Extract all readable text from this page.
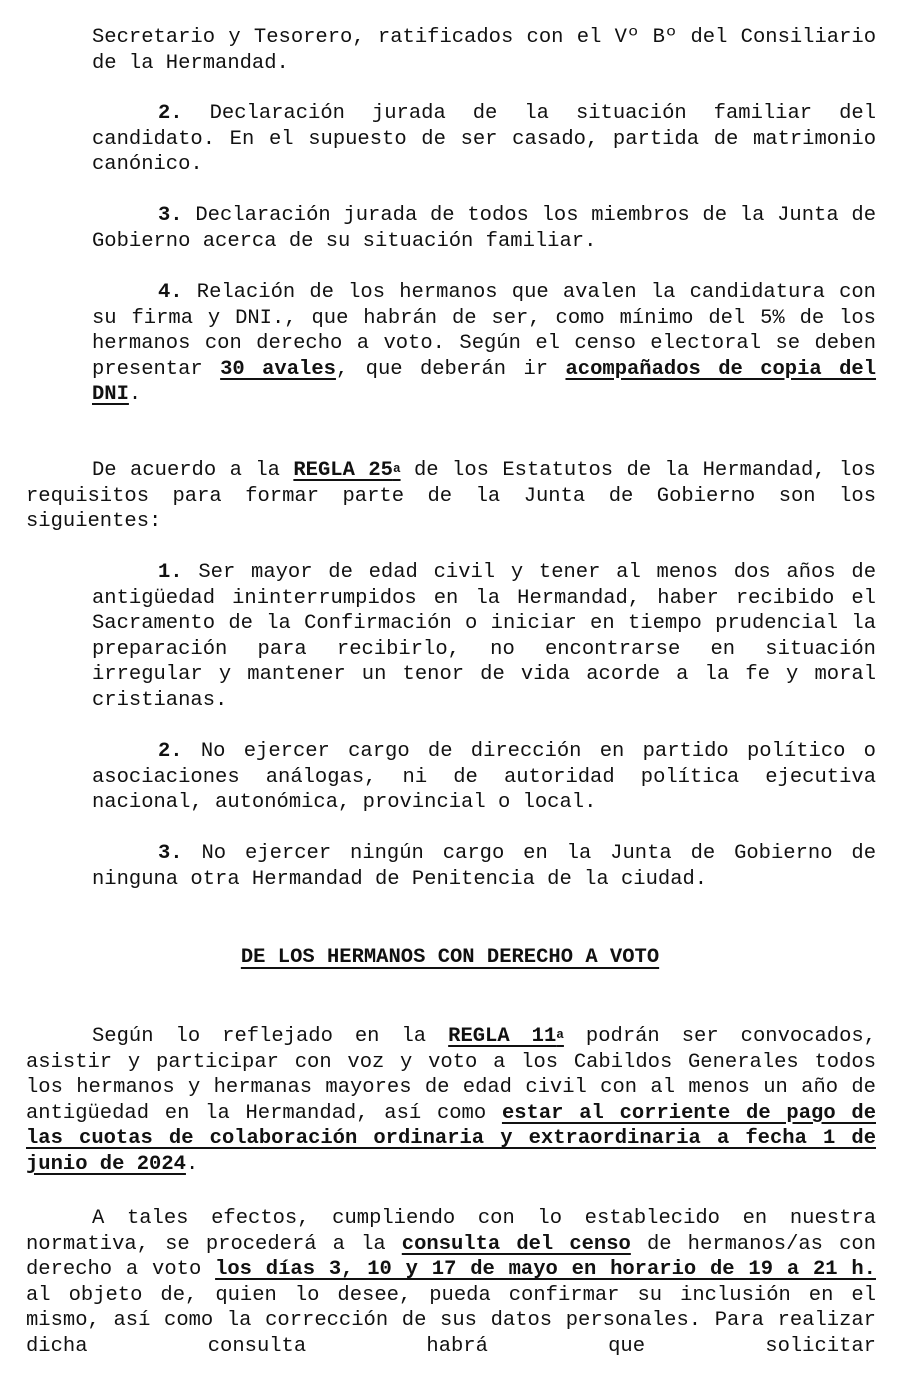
Secretario y Tesorero, ratificados con el Vº Bº del Consiliario de la Hermandad.

2. Declaración jurada de la situación familiar del candidato. En el supuesto de ser casado, partida de matrimonio canónico.

3. Declaración jurada de todos los miembros de la Junta de Gobierno acerca de su situación familiar.

4. Relación de los hermanos que avalen la candidatura con su firma y DNI., que habrán de ser, como mínimo del 5% de los hermanos con derecho a voto. Según el censo electoral se deben presentar 30 avales, que deberán ir acompañados de copia del DNI.

De acuerdo a la REGLA 25$^a$ de los Estatutos de la Hermandad, los requisitos para formar parte de la Junta de Gobierno son los siguientes:

1. Ser mayor de edad civil y tener al menos dos años de antigüedad ininterrumpidos en la Hermandad, haber recibido el Sacramento de la Confirmación o iniciar en tiempo prudencial la preparación para recibirlo, no encontrarse en situación irregular y mantener un tenor de vida acorde a la fe y moral cristianas.

2. No ejercer cargo de dirección en partido político o asociaciones análogas, ni de autoridad política ejecutiva nacional, autonómica, provincial o local.

3. No ejercer ningún cargo en la Junta de Gobierno de ninguna otra Hermandad de Penitencia de la ciudad.

DE LOS HERMANOS CON DERECHO A VOTO

Según lo reflejado en la REGLA 11$^a$ podrán ser convocados, asistir y participar con voz y voto a los Cabildos Generales todos los hermanos y hermanas mayores de edad civil con al menos un año de antigüedad en la Hermandad, así como estar al corriente de pago de las cuotas de colaboración ordinaria y extraordinaria a fecha 1 de junio de 2024.

A tales efectos, cumpliendo con lo establecido en nuestra normativa, se procederá a la consulta del censo de hermanos/as con derecho a voto los días 3, 10 y 17 de mayo en horario de 19 a 21 h. al objeto de, quien lo desee, pueda confirmar su inclusión en el mismo, así como la corrección de sus datos personales. Para realizar dicha consulta habrá que solicitar
